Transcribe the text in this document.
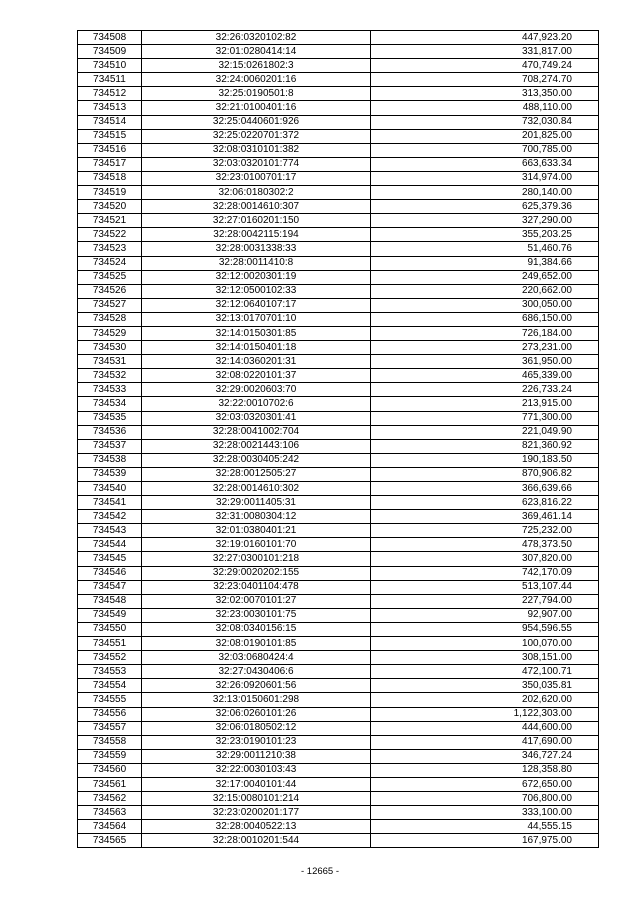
734508	32:26:0320102:82	447,923.20
734509	32:01:0280414:14	331,817.00
734510	32:15:0261802:3	470,749.24
734511	32:24:0060201:16	708,274.70
734512	32:25:0190501:8	313,350.00
734513	32:21:0100401:16	488,110.00
734514	32:25:0440601:926	732,030.84
734515	32:25:0220701:372	201,825.00
734516	32:08:0310101:382	700,785.00
734517	32:03:0320101:774	663,633.34
734518	32:23:0100701:17	314,974.00
734519	32:06:0180302:2	280,140.00
734520	32:28:0014610:307	625,379.36
734521	32:27:0160201:150	327,290.00
734522	32:28:0042115:194	355,203.25
734523	32:28:0031338:33	51,460.76
734524	32:28:0011410:8	91,384.66
734525	32:12:0020301:19	249,652.00
734526	32:12:0500102:33	220,662.00
734527	32:12:0640107:17	300,050.00
734528	32:13:0170701:10	686,150.00
734529	32:14:0150301:85	726,184.00
734530	32:14:0150401:18	273,231.00
734531	32:14:0360201:31	361,950.00
734532	32:08:0220101:37	465,339.00
734533	32:29:0020603:70	226,733.24
734534	32:22:0010702:6	213,915.00
734535	32:03:0320301:41	771,300.00
734536	32:28:0041002:704	221,049.90
734537	32:28:0021443:106	821,360.92
734538	32:28:0030405:242	190,183.50
734539	32:28:0012505:27	870,906.82
734540	32:28:0014610:302	366,639.66
734541	32:29:0011405:31	623,816.22
734542	32:31:0080304:12	369,461.14
734543	32:01:0380401:21	725,232.00
734544	32:19:0160101:70	478,373.50
734545	32:27:0300101:218	307,820.00
734546	32:29:0020202:155	742,170.09
734547	32:23:0401104:478	513,107.44
734548	32:02:0070101:27	227,794.00
734549	32:23:0030101:75	92,907.00
734550	32:08:0340156:15	954,596.55
734551	32:08:0190101:85	100,070.00
734552	32:03:0680424:4	308,151.00
734553	32:27:0430406:6	472,100.71
734554	32:26:0920601:56	350,035.81
734555	32:13:0150601:298	202,620.00
734556	32:06:0260101:26	1,122,303.00
734557	32:06:0180502:12	444,600.00
734558	32:23:0190101:23	417,690.00
734559	32:29:0011210:38	346,727.24
734560	32:22:0030103:43	128,358.80
734561	32:17:0040101:44	672,650.00
734562	32:15:0080101:214	706,800.00
734563	32:23:0200201:177	333,100.00
734564	32:28:0040522:13	44,555.15
734565	32:28:0010201:544	167,975.00
- 12665 -
